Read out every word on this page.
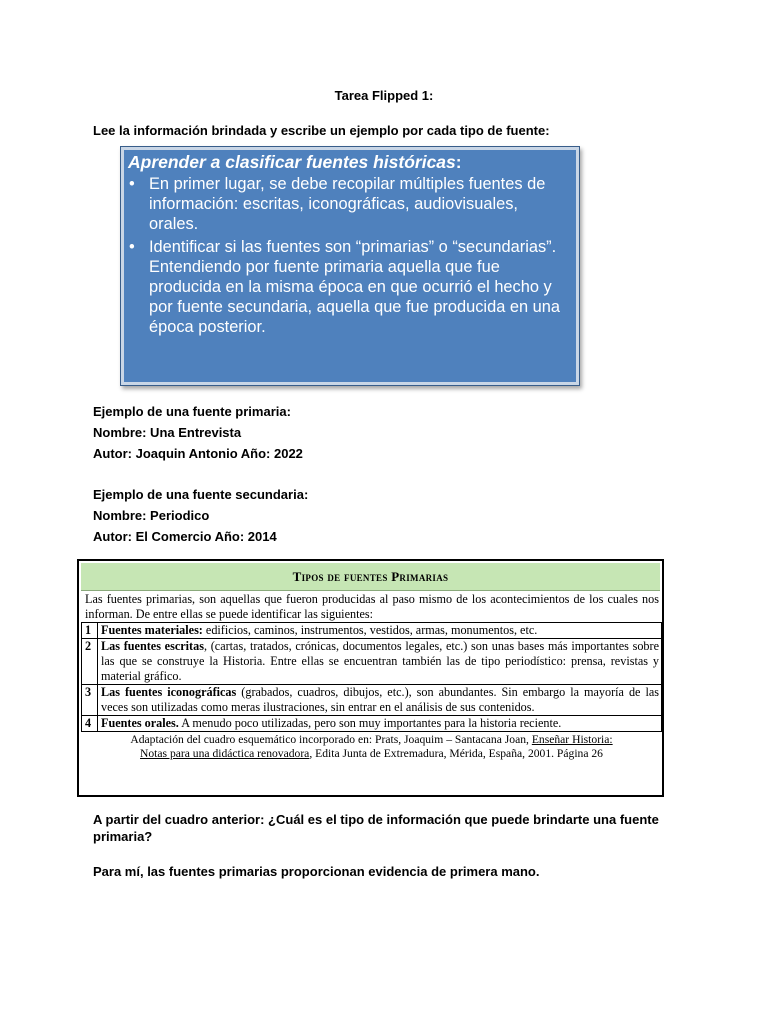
Tarea Flipped 1:
Lee la información brindada y escribe un ejemplo por cada tipo de fuente:
Aprender a clasificar fuentes históricas:
• En primer lugar, se debe recopilar múltiples fuentes de información: escritas, iconográficas, audiovisuales, orales.
• Identificar si las fuentes son “primarias” o “secundarias”. Entendiendo por fuente primaria aquella que fue producida en la misma época en que ocurrió el hecho y por fuente secundaria, aquella que fue producida en una época posterior.
Ejemplo de una fuente primaria:
Nombre: Una Entrevista
Autor: Joaquin Antonio Año: 2022
Ejemplo de una fuente secundaria:
Nombre: Periodico
Autor: El Comercio Año: 2014
Tipos de fuentes Primarias
Las fuentes primarias, son aquellas que fueron producidas al paso mismo de los acontecimientos de los cuales nos informan. De entre ellas se puede identificar las siguientes:
1	Fuentes materiales: edificios, caminos, instrumentos, vestidos, armas, monumentos, etc.
2	Las fuentes escritas, (cartas, tratados, crónicas, documentos legales, etc.) son unas bases más importantes sobre las que se construye la Historia. Entre ellas se encuentran también las de tipo periodístico: prensa, revistas y material gráfico.
3	Las fuentes iconográficas (grabados, cuadros, dibujos, etc.), son abundantes. Sin embargo la mayoría de las veces son utilizadas como meras ilustraciones, sin entrar en el análisis de sus contenidos.
4	Fuentes orales. A menudo poco utilizadas, pero son muy importantes para la historia reciente.
Adaptación del cuadro esquemático incorporado en: Prats, Joaquim – Santacana Joan, Enseñar Historia:
Notas para una didáctica renovadora, Edita Junta de Extremadura, Mérida, España, 2001. Página 26
A partir del cuadro anterior: ¿Cuál es el tipo de información que puede brindarte una fuente primaria?
Para mí, las fuentes primarias proporcionan evidencia de primera mano.
